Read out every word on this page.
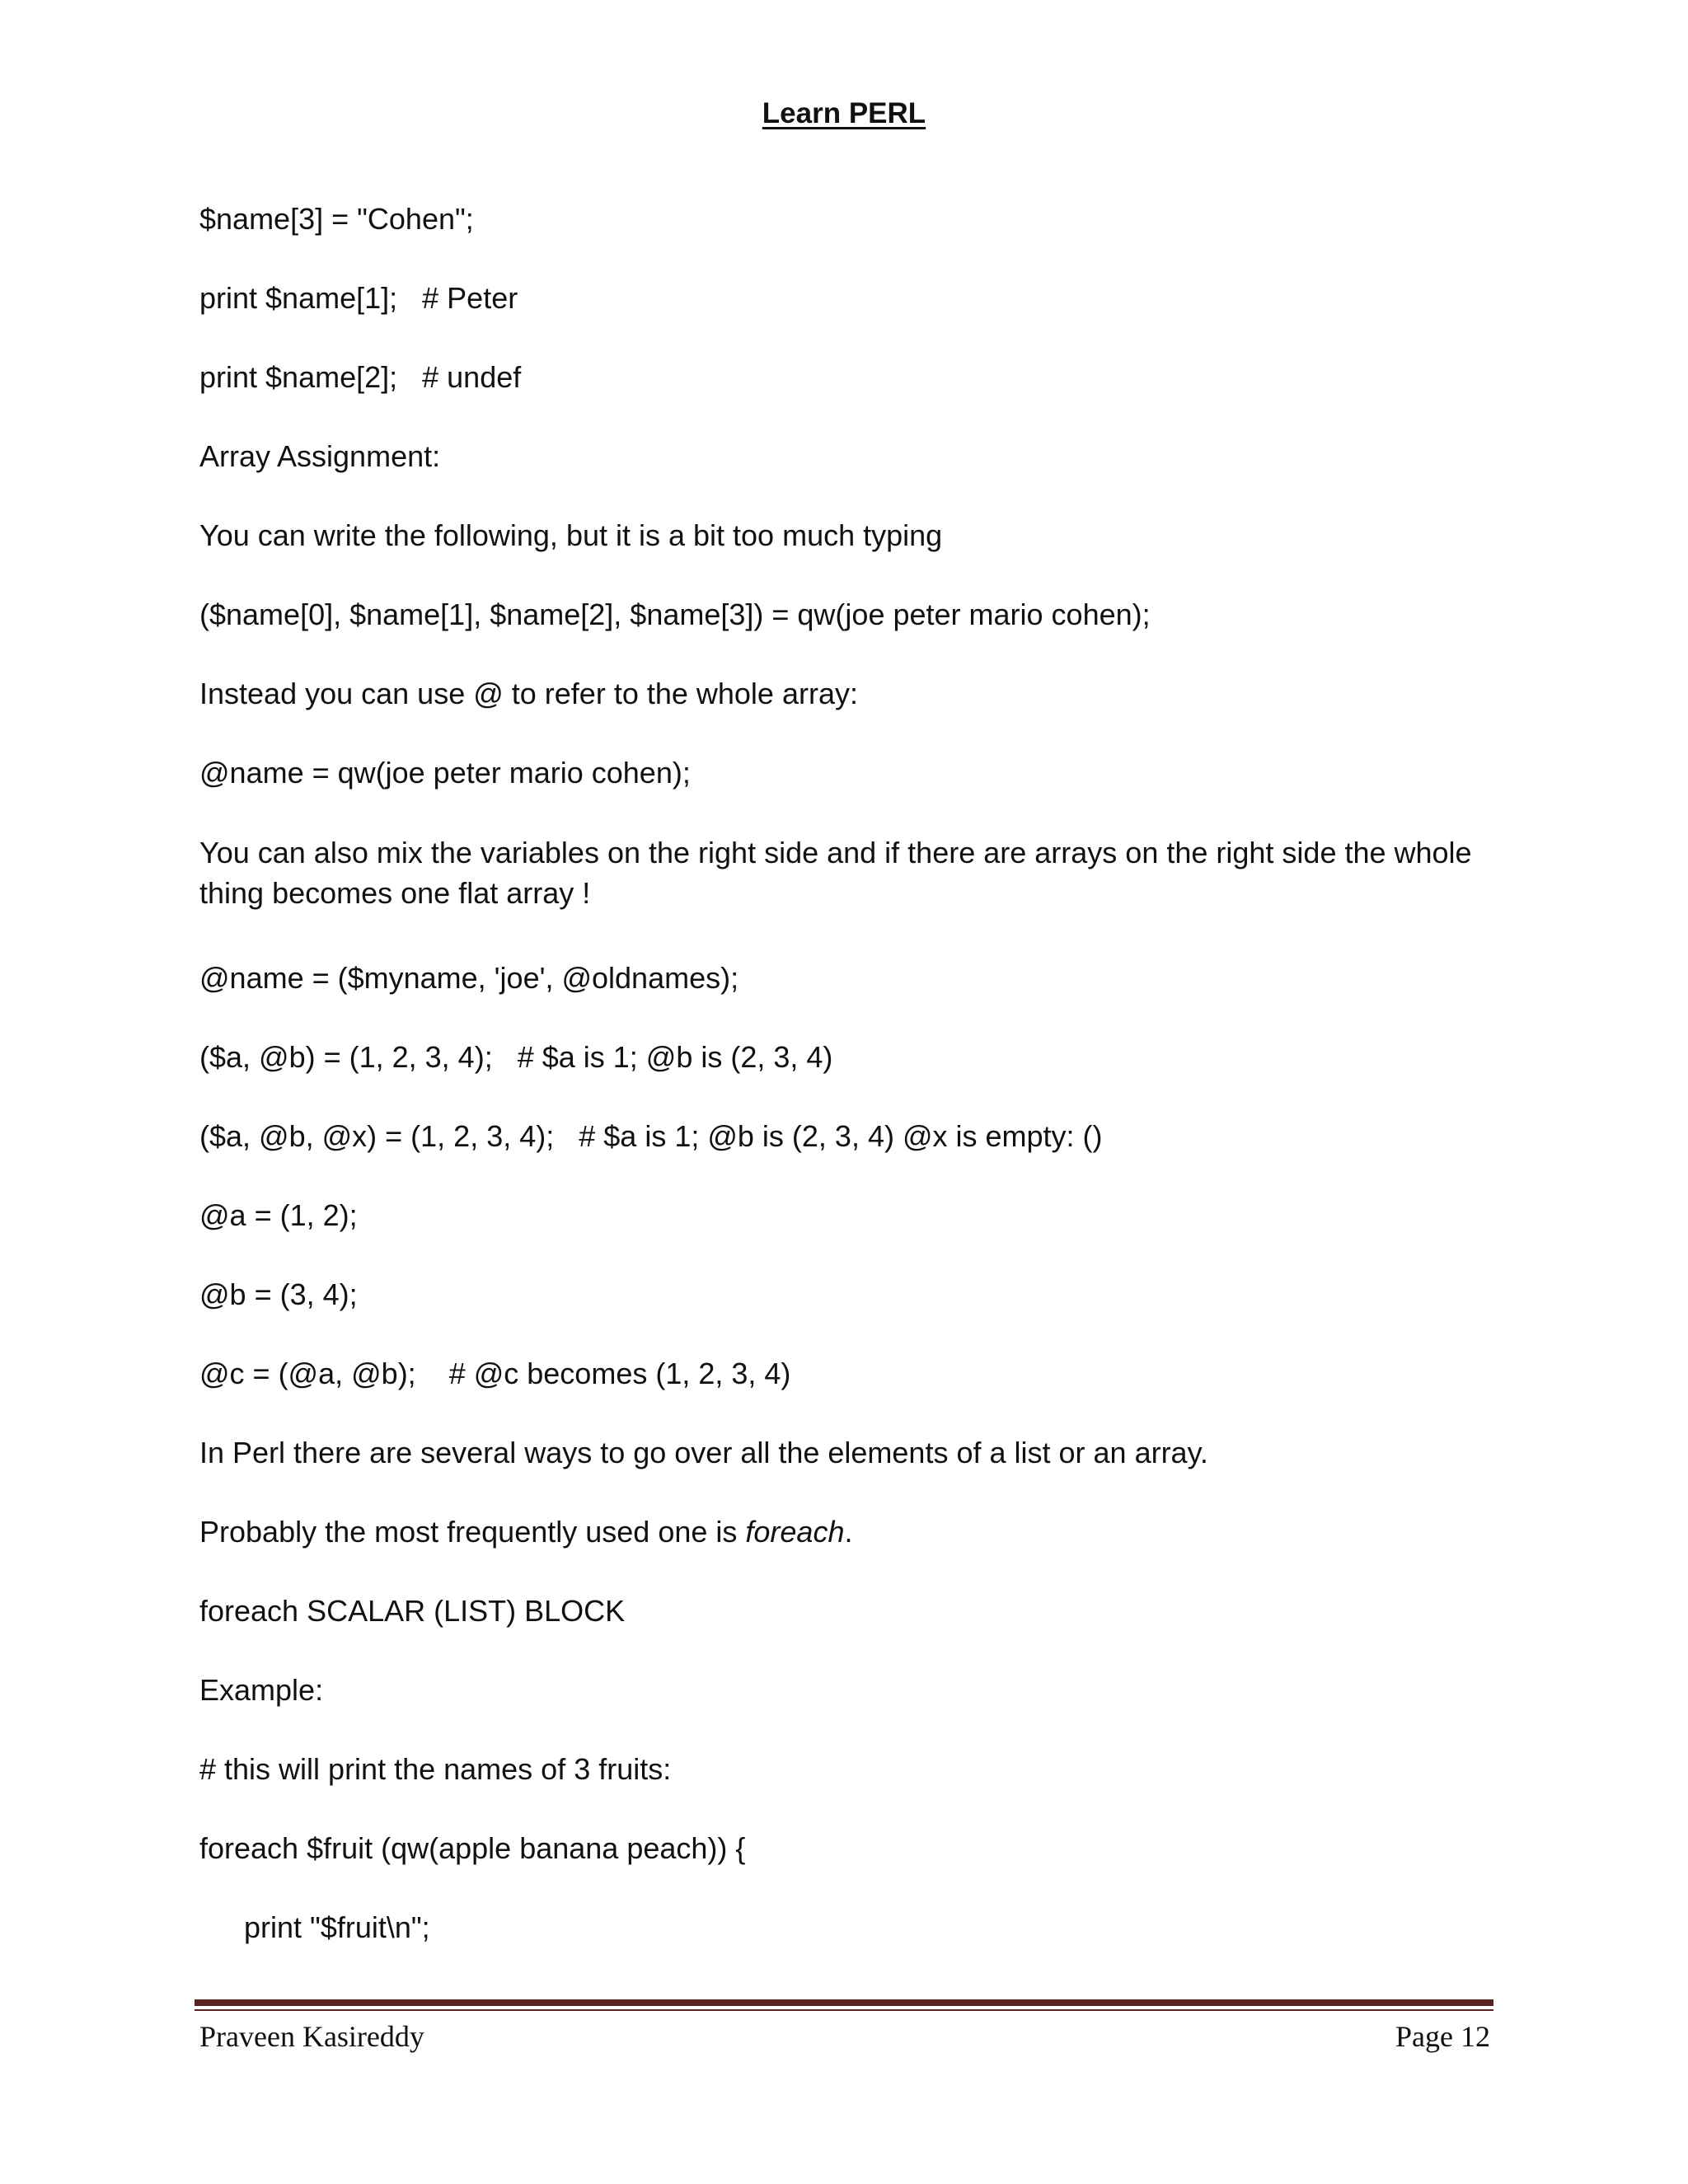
Learn PERL
$name[3] = "Cohen";
print $name[1];   # Peter
print $name[2];   # undef
Array Assignment:
You can write the following, but it is a bit too much typing
($name[0], $name[1], $name[2], $name[3]) = qw(joe peter mario cohen);
Instead you can use @ to refer to the whole array:
@name = qw(joe peter mario cohen);
You can also mix the variables on the right side and if there are arrays on the right side the whole thing becomes one flat array !
@name = ($myname, 'joe', @oldnames);
($a, @b) = (1, 2, 3, 4);   # $a is 1; @b is (2, 3, 4)
($a, @b, @x) = (1, 2, 3, 4);   # $a is 1; @b is (2, 3, 4) @x is empty: ()
@a = (1, 2);
@b = (3, 4);
@c = (@a, @b);    # @c becomes (1, 2, 3, 4)
In Perl there are several ways to go over all the elements of a list or an array.
Probably the most frequently used one is foreach.
foreach SCALAR (LIST) BLOCK
Example:
# this will print the names of 3 fruits:
foreach $fruit (qw(apple banana peach)) {
print "$fruit\n";
Praveen Kasireddy	Page 12
